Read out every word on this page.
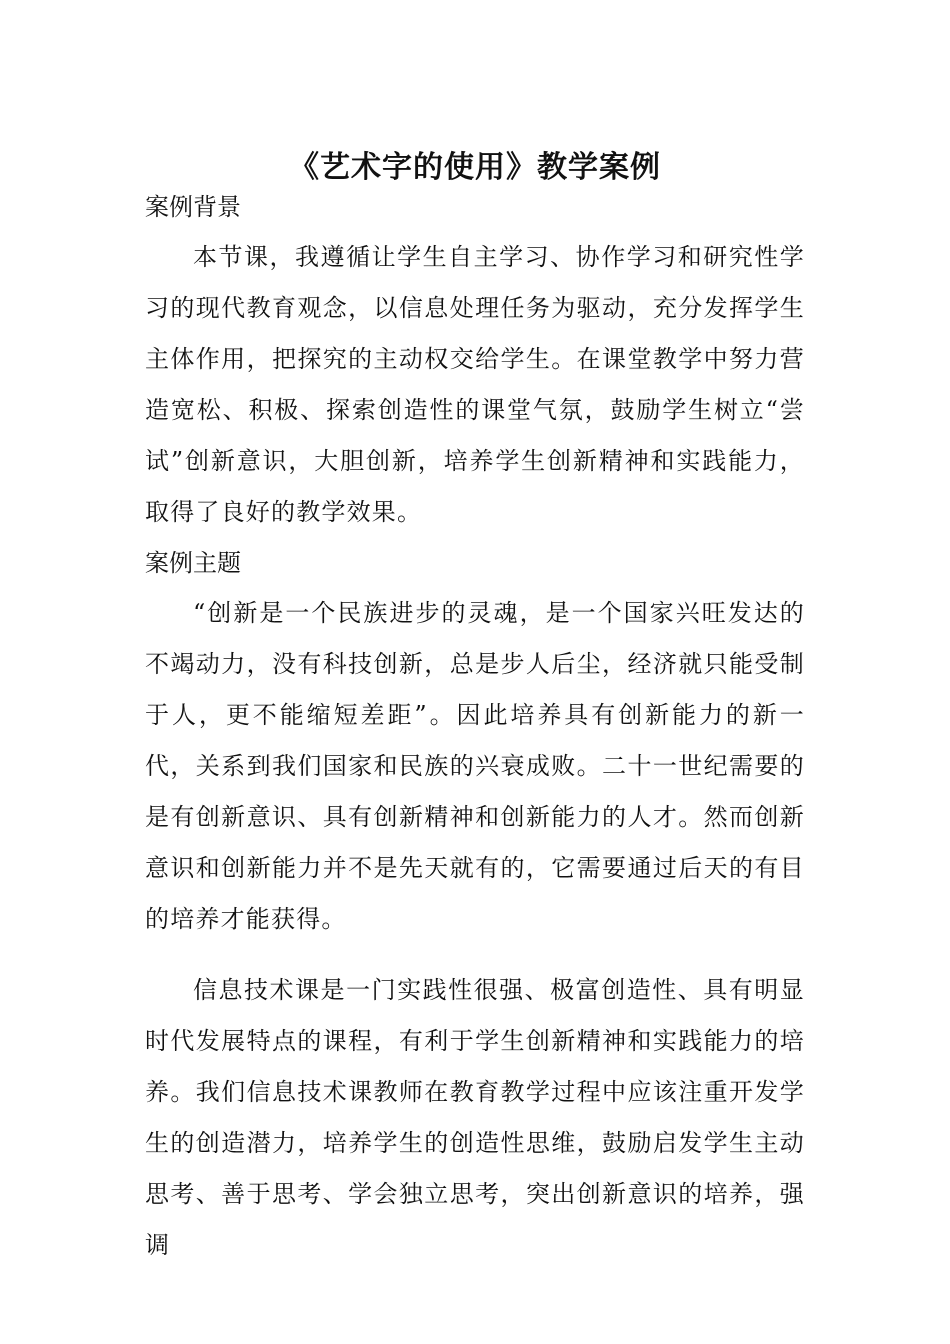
《艺术字的使用》教学案例
案例背景

本节课，我遵循让学生自主学习、协作学习和研究性学习的现代教育观念，以信息处理任务为驱动，充分发挥学生主体作用，把探究的主动权交给学生。在课堂教学中努力营造宽松、积极、探索创造性的课堂气氛，鼓励学生树立“尝试”创新意识，大胆创新，培养学生创新精神和实践能力，取得了良好的教学效果。

案例主题

“创新是一个民族进步的灵魂，是一个国家兴旺发达的不竭动力，没有科技创新，总是步人后尘，经济就只能受制于人，更不能缩短差距”。因此培养具有创新能力的新一代，关系到我们国家和民族的兴衰成败。二十一世纪需要的是有创新意识、具有创新精神和创新能力的人才。然而创新意识和创新能力并不是先天就有的，它需要通过后天的有目的培养才能获得。

信息技术课是一门实践性很强、极富创造性、具有明显时代发展特点的课程，有利于学生创新精神和实践能力的培养。我们信息技术课教师在教育教学过程中应该注重开发学生的创造潜力，培养学生的创造性思维，鼓励启发学生主动思考、善于思考、学会独立思考，突出创新意识的培养，强调
